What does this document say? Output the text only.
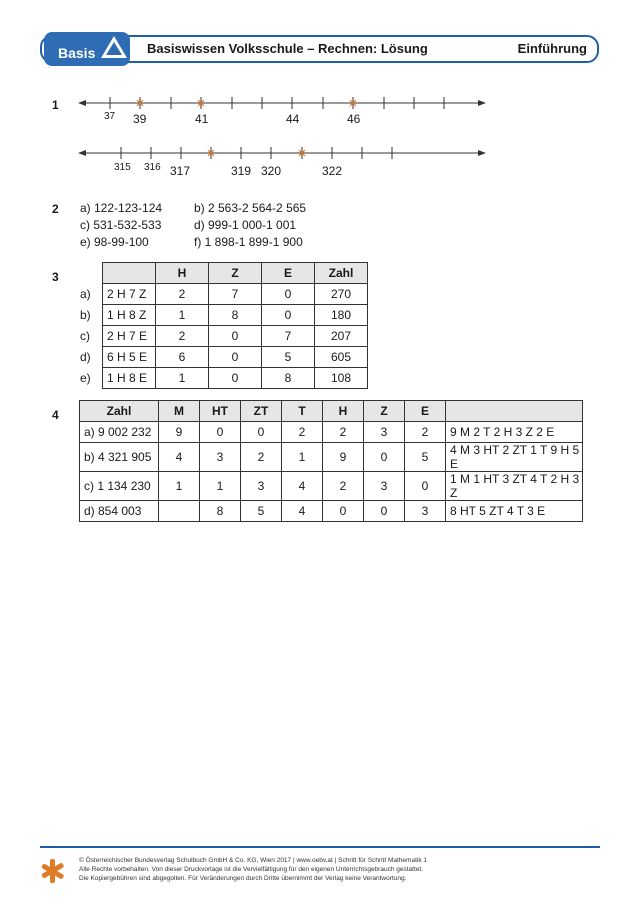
Basis	Basiswissen Volksschule – Rechnen: Lösung	Einführung
1
37 39	41	44	46
315 316 317	319 320	322
2 a) 122-123-124	b) 2 563-2 564-2 565
c) 531-532-533	d) 999-1 000-1 001
e) 98-99-100	f) 1 898-1 899-1 900
3
			H	Z	E	Zahl
a)	2 H 7 Z	2	7	0	270
b)	1 H 8 Z	1	8	0	180
c)	2 H 7 E	2	0	7	207
d)	6 H 5 E	6	0	5	605
e)	1 H 8 E	1	0	8	108
4	Zahl	M	HT	ZT	T	H	Z	E	
a) 9 002 232	9	0	0	2	2	3	2	9 M 2 T 2 H 3 Z 2 E
b) 4 321 905	4	3	2	1	9	0	5	4 M 3 HT 2 ZT 1 T 9 H 5 E
c) 1 134 230	1	1	3	4	2	3	0	1 M 1 HT 3 ZT 4 T 2 H 3 Z
d) 854 003		8	5	4	0	0	3	8 HT 5 ZT 4 T 3 E
© Österreichischer Bundesverlag Schulbuch GmbH & Co. KG, Wien 2017 | www.oebv.at | Schritt für Schritt Mathematik 1
Alle Rechte vorbehalten. Von dieser Druckvorlage ist die Vervielfältigung für den eigenen Unterrichtsgebrauch gestattet.
Die Kopiergebühren sind abgegolten. Für Veränderungen durch Dritte übernimmt der Verlag keine Verantwortung.
